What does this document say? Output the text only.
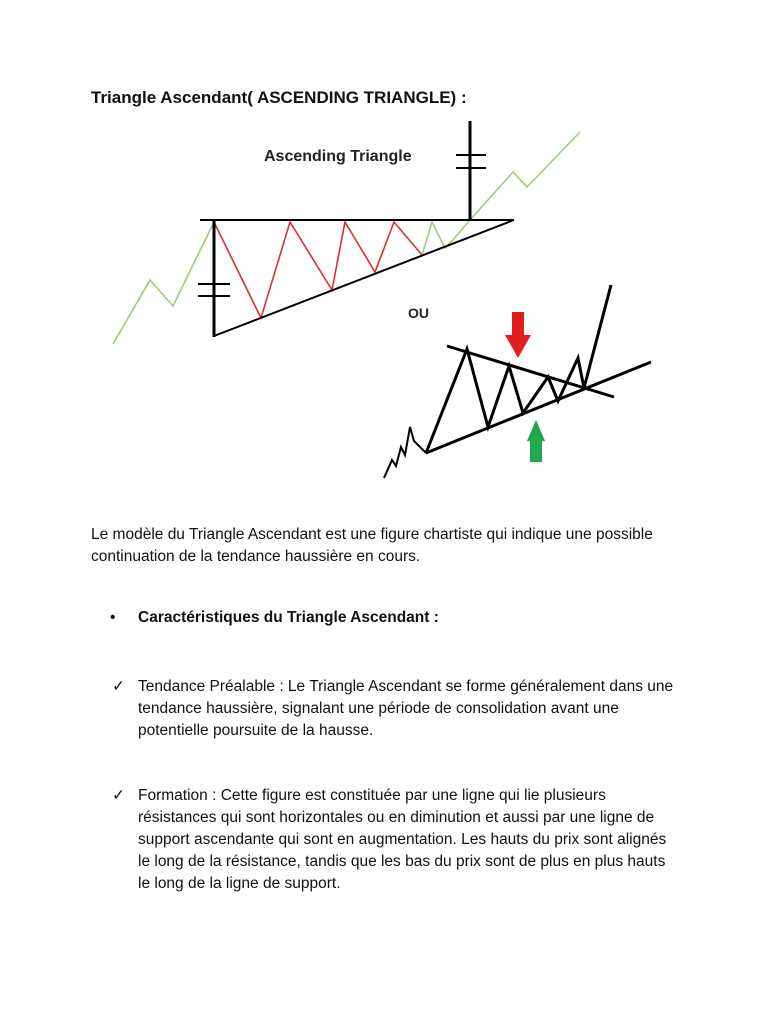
Triangle Ascendant( ASCENDING TRIANGLE) :
Ascending Triangle
OU
Le modèle du Triangle Ascendant est une figure chartiste qui indique une possible continuation de la tendance haussière en cours.
•	Caractéristiques du Triangle Ascendant :
✓ Tendance Préalable : Le Triangle Ascendant se forme généralement dans une tendance haussière, signalant une période de consolidation avant une potentielle poursuite de la hausse.
✓ Formation : Cette figure est constituée par une ligne qui lie plusieurs résistances qui sont horizontales ou en diminution et aussi par une ligne de support ascendante qui sont en augmentation. Les hauts du prix sont alignés le long de la résistance, tandis que les bas du prix sont de plus en plus hauts le long de la ligne de support.
